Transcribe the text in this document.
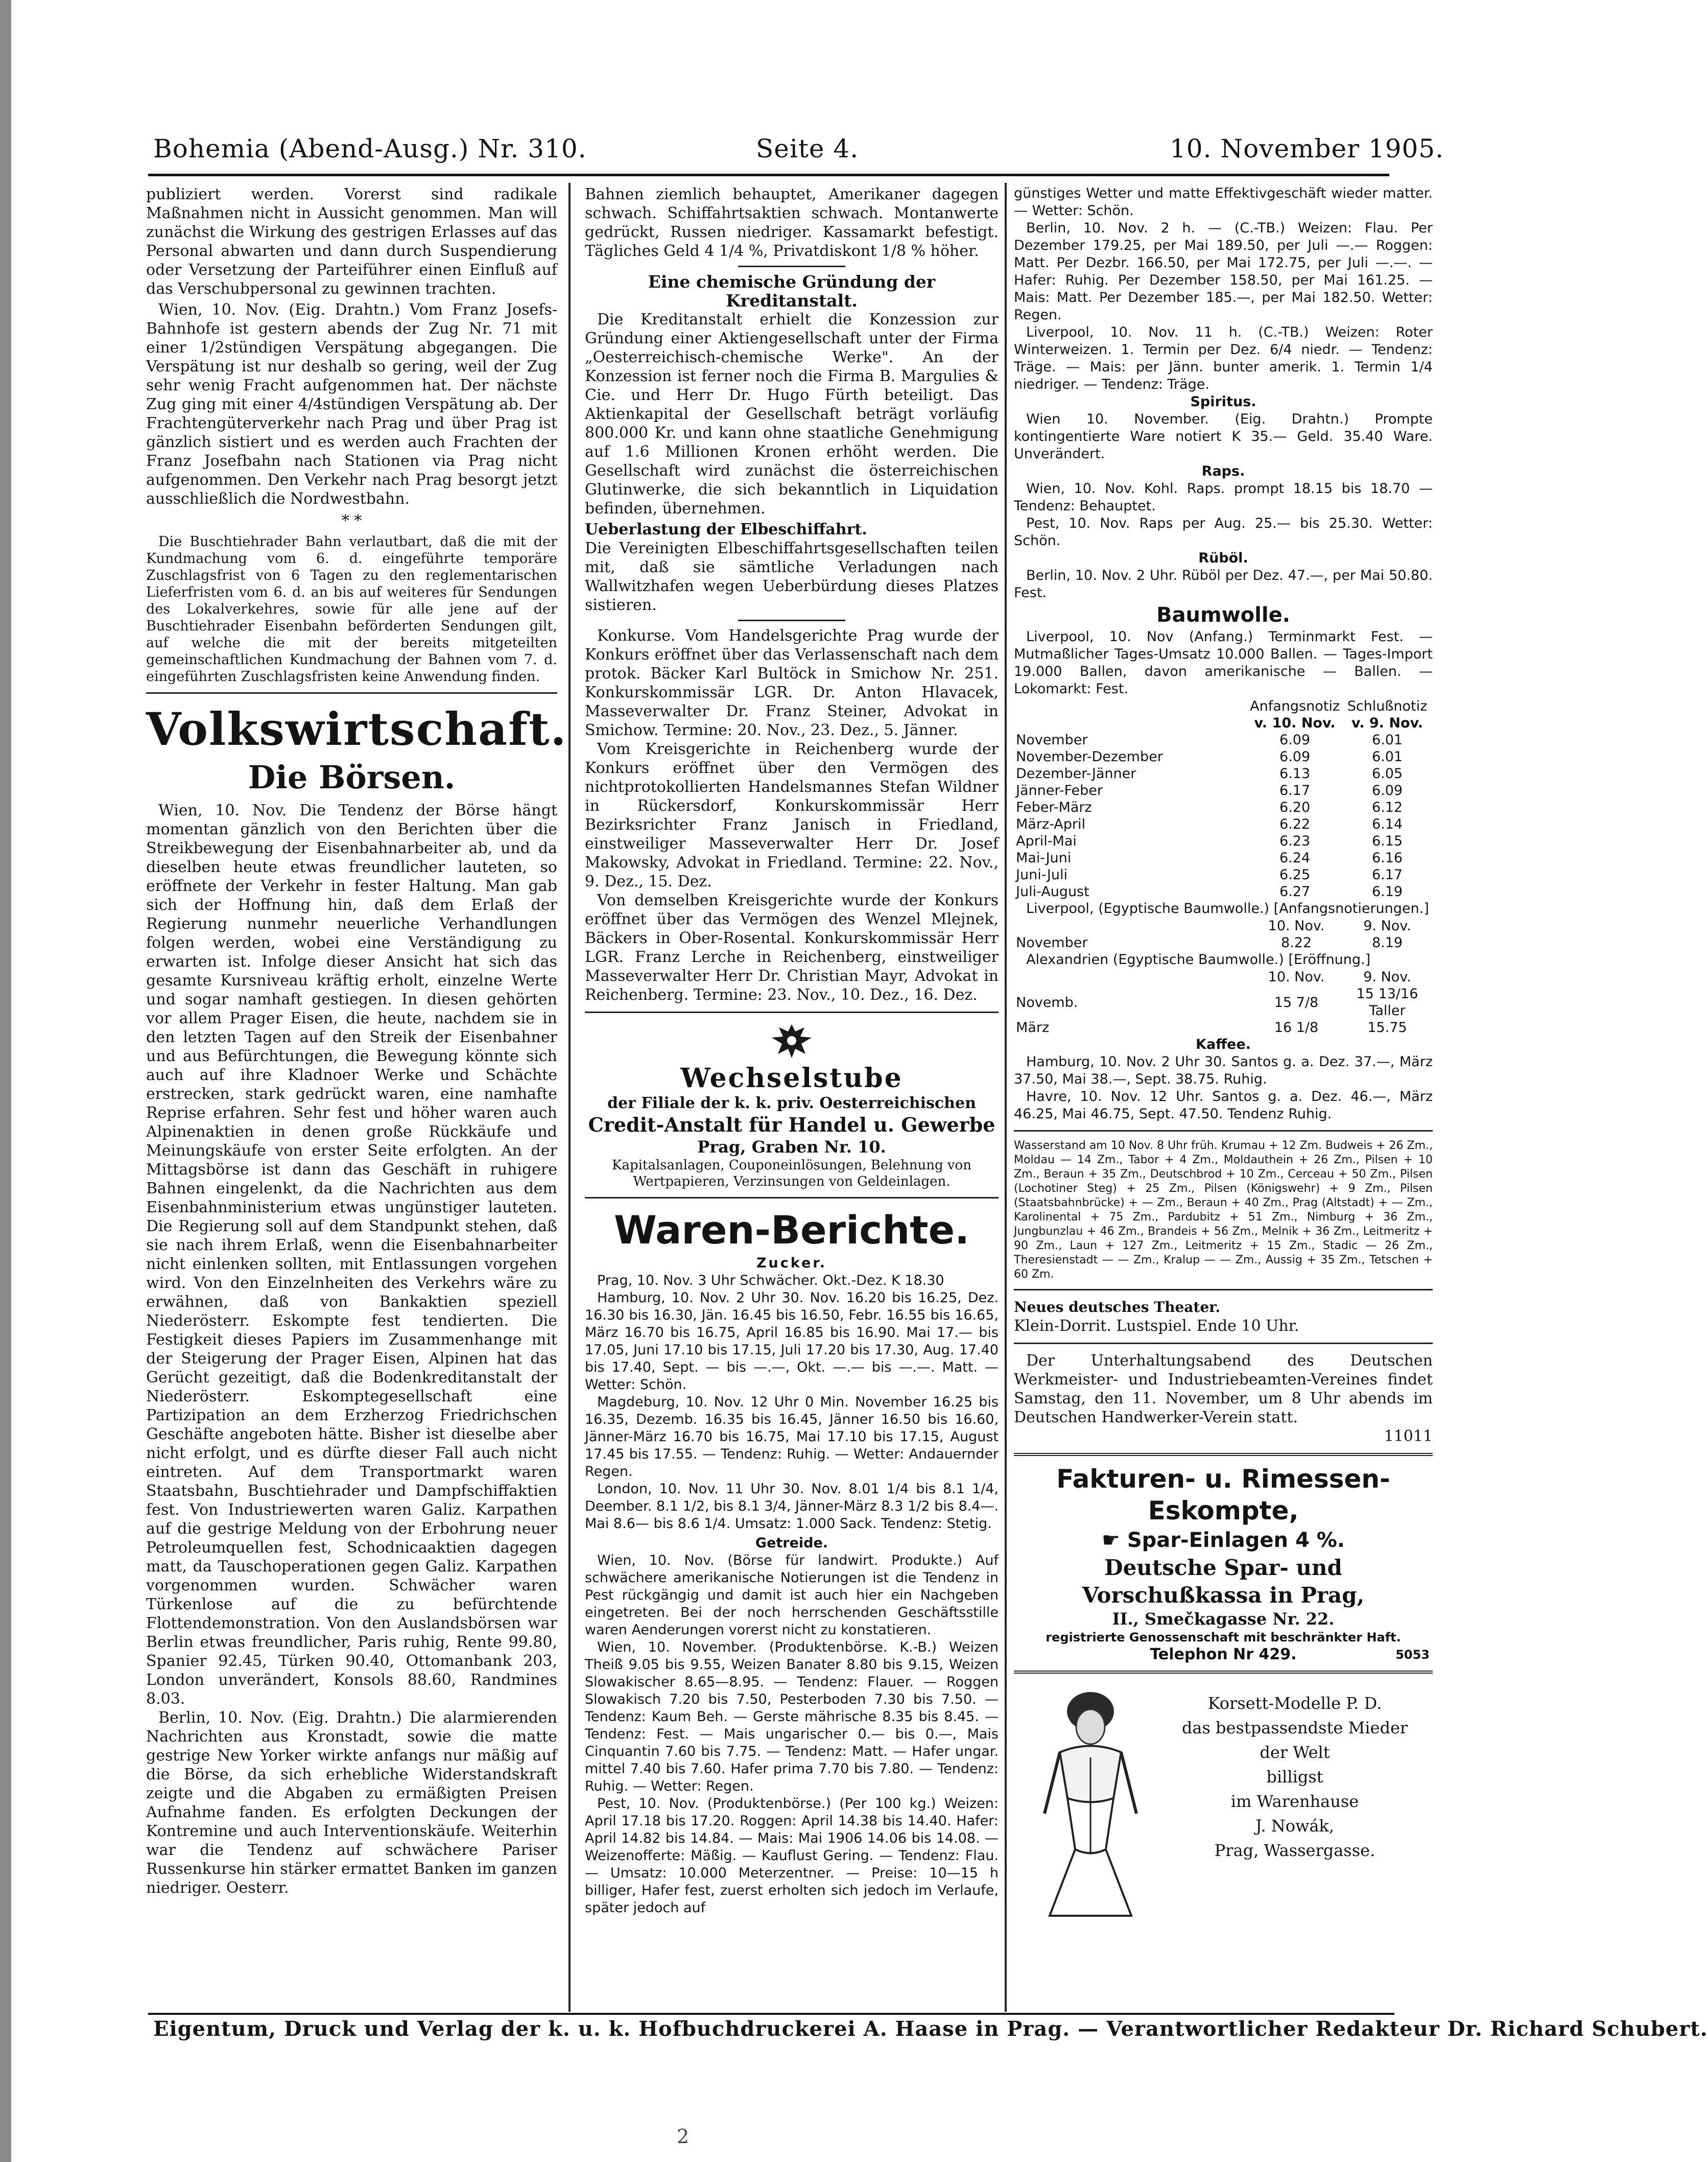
Bohemia (Abend-Ausg.) Nr. 310.	Seite 4.	10. November 1905.

publiziert werden. Vorerst sind radikale Maßnahmen nicht in Aussicht genommen. Man will zunächst die Wirkung des gestrigen Erlasses auf das Personal abwarten und dann durch Suspendierung oder Versetzung der Parteiführer einen Einfluß auf das Verschubpersonal zu gewinnen trachten.

Wien, 10. Nov. (Eig. Drahtn.) Vom Franz Josefs-Bahnhofe ist gestern abends der Zug Nr. 71 mit einer 1/2stündigen Verspätung abgegangen. Die Verspätung ist nur deshalb so gering, weil der Zug sehr wenig Fracht aufgenommen hat. Der nächste Zug ging mit einer 4/4stündigen Verspätung ab. Der Frachtengüterverkehr nach Prag und über Prag ist gänzlich sistiert und es werden auch Frachten der Franz Josefbahn nach Stationen via Prag nicht aufgenommen. Den Verkehr nach Prag besorgt jetzt ausschließlich die Nordwestbahn.

* *

Die Buschtiehrader Bahn verlautbart, daß die mit der Kundmachung vom 6. d. eingeführte temporäre Zuschlagsfrist von 6 Tagen zu den reglementarischen Lieferfristen vom 6. d. an bis auf weiteres für Sendungen des Lokalverkehres, sowie für alle jene auf der Buschtiehrader Eisenbahn beförderten Sendungen gilt, auf welche die mit der bereits mitgeteilten gemeinschaftlichen Kundmachung der Bahnen vom 7. d. eingeführten Zuschlagsfristen keine Anwendung finden.

Volkswirtschaft.
Die Börsen.

Wien, 10. Nov. Die Tendenz der Börse hängt momentan gänzlich von den Berichten über die Streikbewegung der Eisenbahnarbeiter ab, und da dieselben heute etwas freundlicher lauteten, so eröffnete der Verkehr in fester Haltung. Man gab sich der Hoffnung hin, daß dem Erlaß der Regierung nunmehr neuerliche Verhandlungen folgen werden, wobei eine Verständigung zu erwarten ist. Infolge dieser Ansicht hat sich das gesamte Kursniveau kräftig erholt, einzelne Werte und sogar namhaft gestiegen. In diesen gehörten vor allem Prager Eisen, die heute, nachdem sie in den letzten Tagen auf den Streik der Eisenbahner und aus Befürchtungen, die Bewegung könnte sich auch auf ihre Kladnoer Werke und Schächte erstrecken, stark gedrückt waren, eine namhafte Reprise erfahren. Sehr fest und höher waren auch Alpinenaktien in denen große Rückkäufe und Meinungskäufe von erster Seite erfolgten. An der Mittagsbörse ist dann das Geschäft in ruhigere Bahnen eingelenkt, da die Nachrichten aus dem Eisenbahnministerium etwas ungünstiger lauteten. Die Regierung soll auf dem Standpunkt stehen, daß sie nach ihrem Erlaß, wenn die Eisenbahnarbeiter nicht einlenken sollten, mit Entlassungen vorgehen wird. Von den Einzelnheiten des Verkehrs wäre zu erwähnen, daß von Bankaktien speziell Niederösterr. Eskompte fest tendierten. Die Festigkeit dieses Papiers im Zusammenhange mit der Steigerung der Prager Eisen, Alpinen hat das Gerücht gezeitigt, daß die Bodenkreditanstalt der Niederösterr. Eskomptegesellschaft eine Partizipation an dem Erzherzog Friedrichschen Geschäfte angeboten hätte. Bisher ist dieselbe aber nicht erfolgt, und es dürfte dieser Fall auch nicht eintreten. Auf dem Transportmarkt waren Staatsbahn, Buschtiehrader und Dampfschiffaktien fest. Von Industriewerten waren Galiz. Karpathen auf die gestrige Meldung von der Erbohrung neuer Petroleumquellen fest, Schodnicaaktien dagegen matt, da Tauschoperationen gegen Galiz. Karpathen vorgenommen wurden. Schwächer waren Türkenlose auf die zu befürchtende Flottendemonstration. Von den Auslandsbörsen war Berlin etwas freundlicher, Paris ruhig, Rente 99.80, Spanier 92.45, Türken 90.40, Ottomanbank 203, London unverändert, Konsols 88.60, Randmines 8.03.

Berlin, 10. Nov. (Eig. Drahtn.) Die alarmierenden Nachrichten aus Kronstadt, sowie die matte gestrige New Yorker wirkte anfangs nur mäßig auf die Börse, da sich erhebliche Widerstandskraft zeigte und die Abgaben zu ermäßigten Preisen Aufnahme fanden. Es erfolgten Deckungen der Kontremine und auch Interventionskäufe. Weiterhin war die Tendenz auf schwächere Pariser Russenkurse hin stärker ermattet Banken im ganzen niedriger. Oesterr.

Bahnen ziemlich behauptet, Amerikaner dagegen schwach. Schiffahrtsaktien schwach. Montanwerte gedrückt, Russen niedriger. Kassamarkt befestigt. Tägliches Geld 4 1/4 %, Privatdiskont 1/8 % höher.

Eine chemische Gründung der Kreditanstalt.

Die Kreditanstalt erhielt die Konzession zur Gründung einer Aktiengesellschaft unter der Firma „Oesterreichisch-chemische Werke". An der Konzession ist ferner noch die Firma B. Margulies & Cie. und Herr Dr. Hugo Fürth beteiligt. Das Aktienkapital der Gesellschaft beträgt vorläufig 800.000 Kr. und kann ohne staatliche Genehmigung auf 1.6 Millionen Kronen erhöht werden. Die Gesellschaft wird zunächst die österreichischen Glutinwerke, die sich bekanntlich in Liquidation befinden, übernehmen.

Ueberlastung der Elbeschiffahrt.

Die Vereinigten Elbeschiffahrtsgesellschaften teilen mit, daß sie sämtliche Verladungen nach Wallwitzhafen wegen Ueberbürdung dieses Platzes sistieren.

Konkurse. Vom Handelsgerichte Prag wurde der Konkurs eröffnet über das Verlassenschaft nach dem protok. Bäcker Karl Bultöck in Smichow Nr. 251. Konkurskommissär LGR. Dr. Anton Hlavacek, Masseverwalter Dr. Franz Steiner, Advokat in Smichow. Termine: 20. Nov., 23. Dez., 5. Jänner.

Vom Kreisgerichte in Reichenberg wurde der Konkurs eröffnet über den Vermögen des nichtprotokollierten Handelsmannes Stefan Wildner in Rückersdorf, Konkurskommissär Herr Bezirksrichter Franz Janisch in Friedland, einstweiliger Masseverwalter Herr Dr. Josef Makowsky, Advokat in Friedland. Termine: 22. Nov., 9. Dez., 15. Dez.

Von demselben Kreisgerichte wurde der Konkurs eröffnet über das Vermögen des Wenzel Mlejnek, Bäckers in Ober-Rosental. Konkurskommissär Herr LGR. Franz Lerche in Reichenberg, einstweiliger Masseverwalter Herr Dr. Christian Mayr, Advokat in Reichenberg. Termine: 23. Nov., 10. Dez., 16. Dez.

Wechselstube
der Filiale der k. k. priv. Oesterreichischen
Credit-Anstalt für Handel u. Gewerbe
Prag, Graben Nr. 10.
Kapitalsanlagen, Couponeinlösungen, Belehnung von Wertpapieren, Verzinsungen von Geldeinlagen.
Waren-Berichte.

Zucker.

Prag, 10. Nov. 3 Uhr Schwächer. Okt.-Dez. K 18.30

Hamburg, 10. Nov. 2 Uhr 30. Nov. 16.20 bis 16.25, Dez. 16.30 bis 16.30, Jän. 16.45 bis 16.50, Febr. 16.55 bis 16.65, März 16.70 bis 16.75, April 16.85 bis 16.90. Mai 17.— bis 17.05, Juni 17.10 bis 17.15, Juli 17.20 bis 17.30, Aug. 17.40 bis 17.40, Sept. — bis —.—, Okt. —.— bis —.—. Matt. — Wetter: Schön.

Magdeburg, 10. Nov. 12 Uhr 0 Min. November 16.25 bis 16.35, Dezemb. 16.35 bis 16.45, Jänner 16.50 bis 16.60, Jänner-März 16.70 bis 16.75, Mai 17.10 bis 17.15, August 17.45 bis 17.55. — Tendenz: Ruhig. — Wetter: Andauernder Regen.

London, 10. Nov. 11 Uhr 30. Nov. 8.01 1/4 bis 8.1 1/4, Deember. 8.1 1/2, bis 8.1 3/4, Jänner-März 8.3 1/2 bis 8.4—. Mai 8.6— bis 8.6 1/4. Umsatz: 1.000 Sack. Tendenz: Stetig.

Getreide.

Wien, 10. Nov. (Börse für landwirt. Produkte.) Auf schwächere amerikanische Notierungen ist die Tendenz in Pest rückgängig und damit ist auch hier ein Nachgeben eingetreten. Bei der noch herrschenden Geschäftsstille waren Aenderungen vorerst nicht zu konstatieren.

Wien, 10. November. (Produktenbörse. K.-B.) Weizen Theiß 9.05 bis 9.55, Weizen Banater 8.80 bis 9.15, Weizen Slowakischer 8.65—8.95. — Tendenz: Flauer. — Roggen Slowakisch 7.20 bis 7.50, Pesterboden 7.30 bis 7.50. — Tendenz: Kaum Beh. — Gerste mährische 8.35 bis 8.45. — Tendenz: Fest. — Mais ungarischer 0.— bis 0.—, Mais Cinquantin 7.60 bis 7.75. — Tendenz: Matt. — Hafer ungar. mittel 7.40 bis 7.60. Hafer prima 7.70 bis 7.80. — Tendenz: Ruhig. — Wetter: Regen.

Pest, 10. Nov. (Produktenbörse.) (Per 100 kg.) Weizen: April 17.18 bis 17.20. Roggen: April 14.38 bis 14.40. Hafer: April 14.82 bis 14.84. — Mais: Mai 1906 14.06 bis 14.08. — Weizenofferte: Mäßig. — Kauflust Gering. — Tendenz: Flau. — Umsatz: 10.000 Meterzentner. — Preise: 10—15 h billiger, Hafer fest, zuerst erholten sich jedoch im Verlaufe, später jedoch auf

günstiges Wetter und matte Effektivgeschäft wieder matter. — Wetter: Schön.

Berlin, 10. Nov. 2 h. — (C.-TB.) Weizen: Flau. Per Dezember 179.25, per Mai 189.50, per Juli —.— Roggen: Matt. Per Dezbr. 166.50, per Mai 172.75, per Juli —.—. — Hafer: Ruhig. Per Dezember 158.50, per Mai 161.25. — Mais: Matt. Per Dezember 185.—, per Mai 182.50. Wetter: Regen.

Liverpool, 10. Nov. 11 h. (C.-TB.) Weizen: Roter Winterweizen. 1. Termin per Dez. 6/4 niedr. — Tendenz: Träge. — Mais: per Jänn. bunter amerik. 1. Termin 1/4 niedriger. — Tendenz: Träge.

Spiritus.

Wien 10. November. (Eig. Drahtn.) Prompte kontingentierte Ware notiert K 35.— Geld. 35.40 Ware. Unverändert.

Raps.

Wien, 10. Nov. Kohl. Raps. prompt 18.15 bis 18.70 — Tendenz: Behauptet.

Pest, 10. Nov. Raps per Aug. 25.— bis 25.30. Wetter: Schön.

Rüböl.

Berlin, 10. Nov. 2 Uhr. Rüböl per Dez. 47.—, per Mai 50.80. Fest.

Baumwolle.

Liverpool, 10. Nov (Anfang.) Terminmarkt Fest. — Mutmaßlicher Tages-Umsatz 10.000 Ballen. — Tages-Import 19.000 Ballen, davon amerikanische — Ballen. — Lokomarkt: Fest.

	Anfangsnotiz	Schlußnotiz
	v. 10. Nov.	v. 9. Nov.
November	6.09	6.01
November-Dezember	6.09	6.01
Dezember-Jänner	6.13	6.05
Jänner-Feber	6.17	6.09
Feber-März	6.20	6.12
März-April	6.22	6.14
April-Mai	6.23	6.15
Mai-Juni	6.24	6.16
Juni-Juli	6.25	6.17
Juli-August	6.27	6.19

Liverpool, (Egyptische Baumwolle.) [Anfangsnotierungen.]

	10. Nov.	9. Nov.
November	8.22	8.19

Alexandrien (Egyptische Baumwolle.) [Eröffnung.]

	10. Nov.	9. Nov.
Novemb.	15 7/8	15 13/16 Taller
März	16 1/8	15.75

Kaffee.

Hamburg, 10. Nov. 2 Uhr 30. Santos g. a. Dez. 37.—, März 37.50, Mai 38.—, Sept. 38.75. Ruhig.

Havre, 10. Nov. 12 Uhr. Santos g. a. Dez. 46.—, März 46.25, Mai 46.75, Sept. 47.50. Tendenz Ruhig.

Wasserstand am 10 Nov. 8 Uhr früh. Krumau + 12 Zm. Budweis + 26 Zm., Moldau — 14 Zm., Tabor + 4 Zm., Moldauthein + 26 Zm., Pilsen + 10 Zm., Beraun + 35 Zm., Deutschbrod + 10 Zm., Cerceau + 50 Zm., Pilsen (Lochotiner Steg) + 25 Zm., Pilsen (Königswehr) + 9 Zm., Pilsen (Staatsbahnbrücke) + — Zm., Beraun + 40 Zm., Prag (Altstadt) + — Zm., Karolinental + 75 Zm., Pardubitz + 51 Zm., Nimburg + 36 Zm., Jungbunzlau + 46 Zm., Brandeis + 56 Zm., Melnik + 36 Zm., Leitmeritz + 90 Zm., Laun + 127 Zm., Leitmeritz + 15 Zm., Stadic — 26 Zm., Theresienstadt — — Zm., Kralup — — Zm., Aussig + 35 Zm., Tetschen + 60 Zm.

Neues deutsches Theater.

Klein-Dorrit. Lustspiel. Ende 10 Uhr.

Der Unterhaltungsabend des Deutschen Werkmeister- und Industriebeamten-Vereines findet Samstag, den 11. November, um 8 Uhr abends im Deutschen Handwerker-Verein statt.

11011

Fakturen- u. Rimessen-
Eskompte,
☛ Spar-Einlagen 4 %.
Deutsche Spar- und Vorschußkassa in Prag,
II., Smečkagasse Nr. 22.
registrierte Genossenschaft mit beschränkter Haft.
Telephon Nr 429.	5053
Korsett-Modelle P. D.
das bestpassendste Mieder
der Welt
billigst
im Warenhause
J. Nowák,
Prag, Wassergasse.
Eigentum, Druck und Verlag der k. u. k. Hofbuchdruckerei A. Haase in Prag. — Verantwortlicher Redakteur Dr. Richard Schubert.
2
